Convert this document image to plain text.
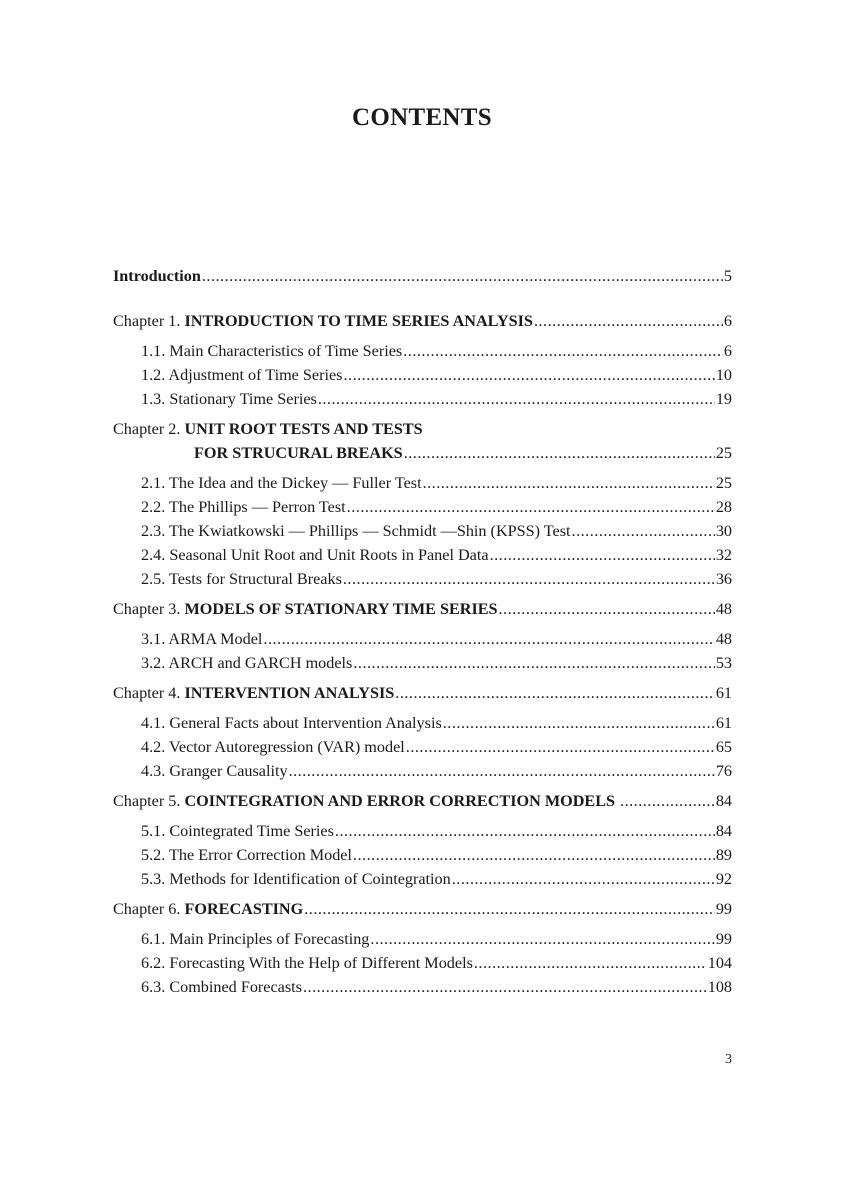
CONTENTS
Introduction .....	5
Chapter 1. INTRODUCTION TO TIME SERIES ANALYSIS .....	6
1.1. Main Characteristics of Time Series .....	6
1.2. Adjustment of Time Series .....	10
1.3. Stationary Time Series .....	19
Chapter 2. UNIT ROOT TESTS AND TESTS
FOR STRUCURAL BREAKS .....	25
2.1. The Idea and the Dickey — Fuller Test .....	25
2.2. The Phillips — Perron Test .....	28
2.3. The Kwiatkowski — Phillips — Schmidt —Shin (KPSS) Test .....	30
2.4. Seasonal Unit Root and Unit Roots in Panel Data .....	32
2.5. Tests for Structural Breaks .....	36
Chapter 3. MODELS OF STATIONARY TIME SERIES .....	48
3.1. ARMA Model .....	48
3.2. ARCH and GARCH models .....	53
Chapter 4. INTERVENTION ANALYSIS .....	61
4.1. General Facts about Intervention Analysis .....	61
4.2. Vector Autoregression (VAR) model .....	65
4.3. Granger Causality .....	76
Chapter 5. COINTEGRATION AND ERROR CORRECTION MODELS .....	84
5.1. Cointegrated Time Series .....	84
5.2. The Error Correction Model .....	89
5.3. Methods for Identification of Cointegration .....	92
Chapter 6. FORECASTING .....	99
6.1. Main Principles of Forecasting .....	99
6.2. Forecasting With the Help of Different Models .....	104
6.3. Combined Forecasts .....	108
3
